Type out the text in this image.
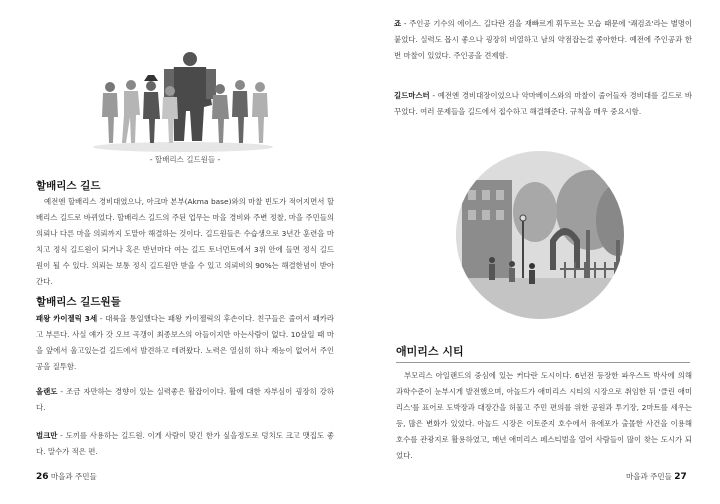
- 할배리스 길드원들 -
할배리스 길드

예전엔 할배리스 경비대였으나, 아크마 본부(Akma base)와의 마찰 빈도가 적어지면서 할배리스 길드로 바뀌었다. 할배리스 길드의 주된 업무는 마을 경비와 주변 정찰, 마을 주민들의 의뢰나 다른 마을 의뢰까지 도맡아 해결하는 것이다. 길드원들은 수습생으로 3년간 훈련을 마치고 정식 길드원이 되거나 혹은 반년마다 여는 길드 토너먼트에서 3위 안에 들면 정식 길드원이 될 수 있다. 의뢰는 보통 정식 길드원만 받을 수 있고 의뢰비의 90%는 해결한념이 받아간다.

할배리스 길드원들

패왕 카이젤릭 3세 - 대륙을 통일했다는 패왕 카이젤릭의 후손이다. 친구들은 줄여서 패카라고 부른다. 사실 얘가 갓 오브 곡갱이 최종보스의 아들이지만 아는사람이 없다. 10살일 때 마을 앞에서 울고있는걸 길드에서 발견하고 데려왔다. 노력은 열심히 하나 재능이 없어서 주인공을 질투함.

올랜도 - 조금 자만하는 경향이 있는 실력좋은 활잡이이다. 활에 대한 자부심이 굉장히 강하다.

벌크만 - 도끼를 사용하는 길드원. 이게 사람이 맞긴 한가 싶을정도로 덩치도 크고 맷집도 좋다. 말수가 적은 편.

26 마을과 주민들

죠 - 주인공 기수의 에이스. 길다란 검을 재빠르게 휘두르는 모습 때문에 '쾌검죠'라는 별명이 붙었다. 실력도 몹시 좋으나 굉장히 비열하고 남의 약점잡는걸 좋아한다. 예전에 주인공과 한번 마찰이 있었다. 주인공을 견제함.

길드마스터 - 예전엔 경비대장이었으나 악마베이스와의 마찰이 줄어들자 경비대를 길드로 바꾸었다. 여러 문제들을 길드에서 접수하고 해결해준다. 규칙을 매우 중요시함.

애미리스 시티

부모리스 아일랜드의 중심에 있는 커다란 도시이다. 6년전 등장한 파우스트 박사에 의해 과학수준이 눈부시게 발전했으며, 아놀드가 애미리스 시티의 시장으로 취임한 뒤 '클린 애미리스'를 표어로 도박장과 대장간을 허물고 주민 편의를 위한 공원과 투기장, 2마트를 세우는 등, 많은 변화가 있었다. 아놀드 시장은 이토준지 호수에서 유에포가 출몰한 사건을 이용해 호수를 관광지로 활용하였고, 매년 애미리스 페스티벌을 열어 사람들이 많이 찾는 도시가 되었다.

마을과 주민들 27
